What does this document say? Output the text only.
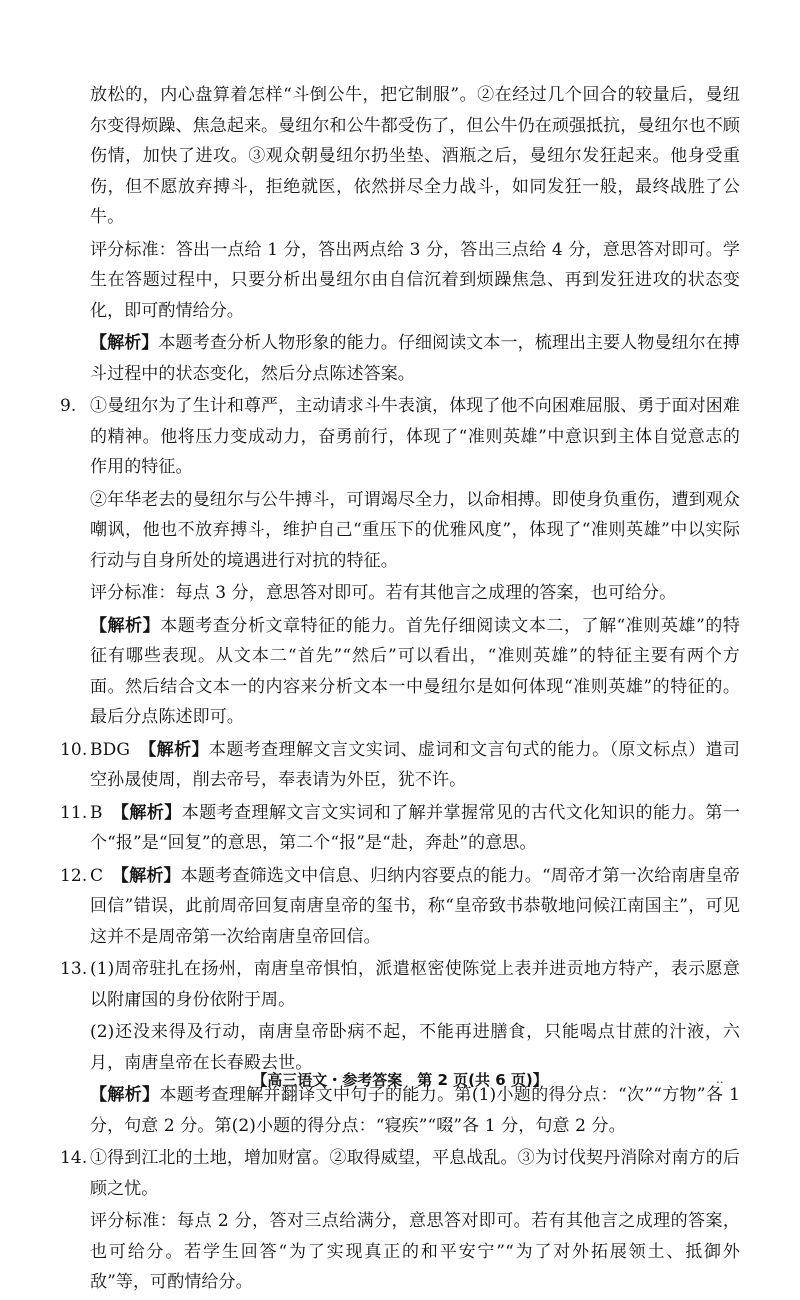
放松的，内心盘算着怎样“斗倒公牛，把它制服”。②在经过几个回合的较量后，曼纽尔变得烦躁、焦急起来。曼纽尔和公牛都受伤了，但公牛仍在顽强抵抗，曼纽尔也不顾伤情，加快了进攻。③观众朝曼纽尔扔坐垫、酒瓶之后，曼纽尔发狂起来。他身受重伤，但不愿放弃搏斗，拒绝就医，依然拼尽全力战斗，如同发狂一般，最终战胜了公牛。

评分标准：答出一点给 1 分，答出两点给 3 分，答出三点给 4 分，意思答对即可。学生在答题过程中，只要分析出曼纽尔由自信沉着到烦躁焦急、再到发狂进攻的状态变化，即可酌情给分。

【解析】本题考查分析人物形象的能力。仔细阅读文本一，梳理出主要人物曼纽尔在搏斗过程中的状态变化，然后分点陈述答案。

9. ①曼纽尔为了生计和尊严，主动请求斗牛表演，体现了他不向困难屈服、勇于面对困难的精神。他将压力变成动力，奋勇前行，体现了“准则英雄”中意识到主体自觉意志的作用的特征。

②年华老去的曼纽尔与公牛搏斗，可谓竭尽全力，以命相搏。即使身负重伤，遭到观众嘲讽，他也不放弃搏斗，维护自己“重压下的优雅风度”，体现了“准则英雄”中以实际行动与自身所处的境遇进行对抗的特征。

评分标准：每点 3 分，意思答对即可。若有其他言之成理的答案，也可给分。

【解析】本题考查分析文章特征的能力。首先仔细阅读文本二，了解“准则英雄”的特征有哪些表现。从文本二“首先”“然后”可以看出，“准则英雄”的特征主要有两个方面。然后结合文本一的内容来分析文本一中曼纽尔是如何体现“准则英雄”的特征的。最后分点陈述即可。

10. BDG　【解析】本题考查理解文言文实词、虚词和文言句式的能力。（原文标点）遣司空孙晟使周，削去帝号，奉表请为外臣，犹不许。

11. B　【解析】本题考查理解文言文实词和了解并掌握常见的古代文化知识的能力。第一个“报”是“回复”的意思，第二个“报”是“赴，奔赴”的意思。

12. C　【解析】本题考查筛选文中信息、归纳内容要点的能力。“周帝才第一次给南唐皇帝回信”错误，此前周帝回复南唐皇帝的玺书，称“皇帝致书恭敬地问候江南国主”，可见这并不是周帝第一次给南唐皇帝回信。

13. (1)周帝驻扎在扬州，南唐皇帝惧怕，派遣枢密使陈觉上表并进贡地方特产，表示愿意以附庸国的身份依附于周。

(2)还没来得及行动，南唐皇帝卧病不起，不能再进膳食，只能喝点甘蔗的汁液，六月，南唐皇帝在长春殿去世。

【解析】本题考查理解并翻译文中句子的能力。第(1)小题的得分点：“次”“方物”各 1 分，句意 2 分。第(2)小题的得分点：“寝疾”“啜”各 1 分，句意 2 分。

14. ①得到江北的土地，增加财富。②取得威望，平息战乱。③为讨伐契丹消除对南方的后顾之忧。

评分标准：每点 2 分，答对三点给满分，意思答对即可。若有其他言之成理的答案，也可给分。若学生回答“为了实现真正的和平安宁”“为了对外拓展领土、抵御外敌”等，可酌情给分。

【高三语文・参考答案　第 2 页(共 6 页)】	..
